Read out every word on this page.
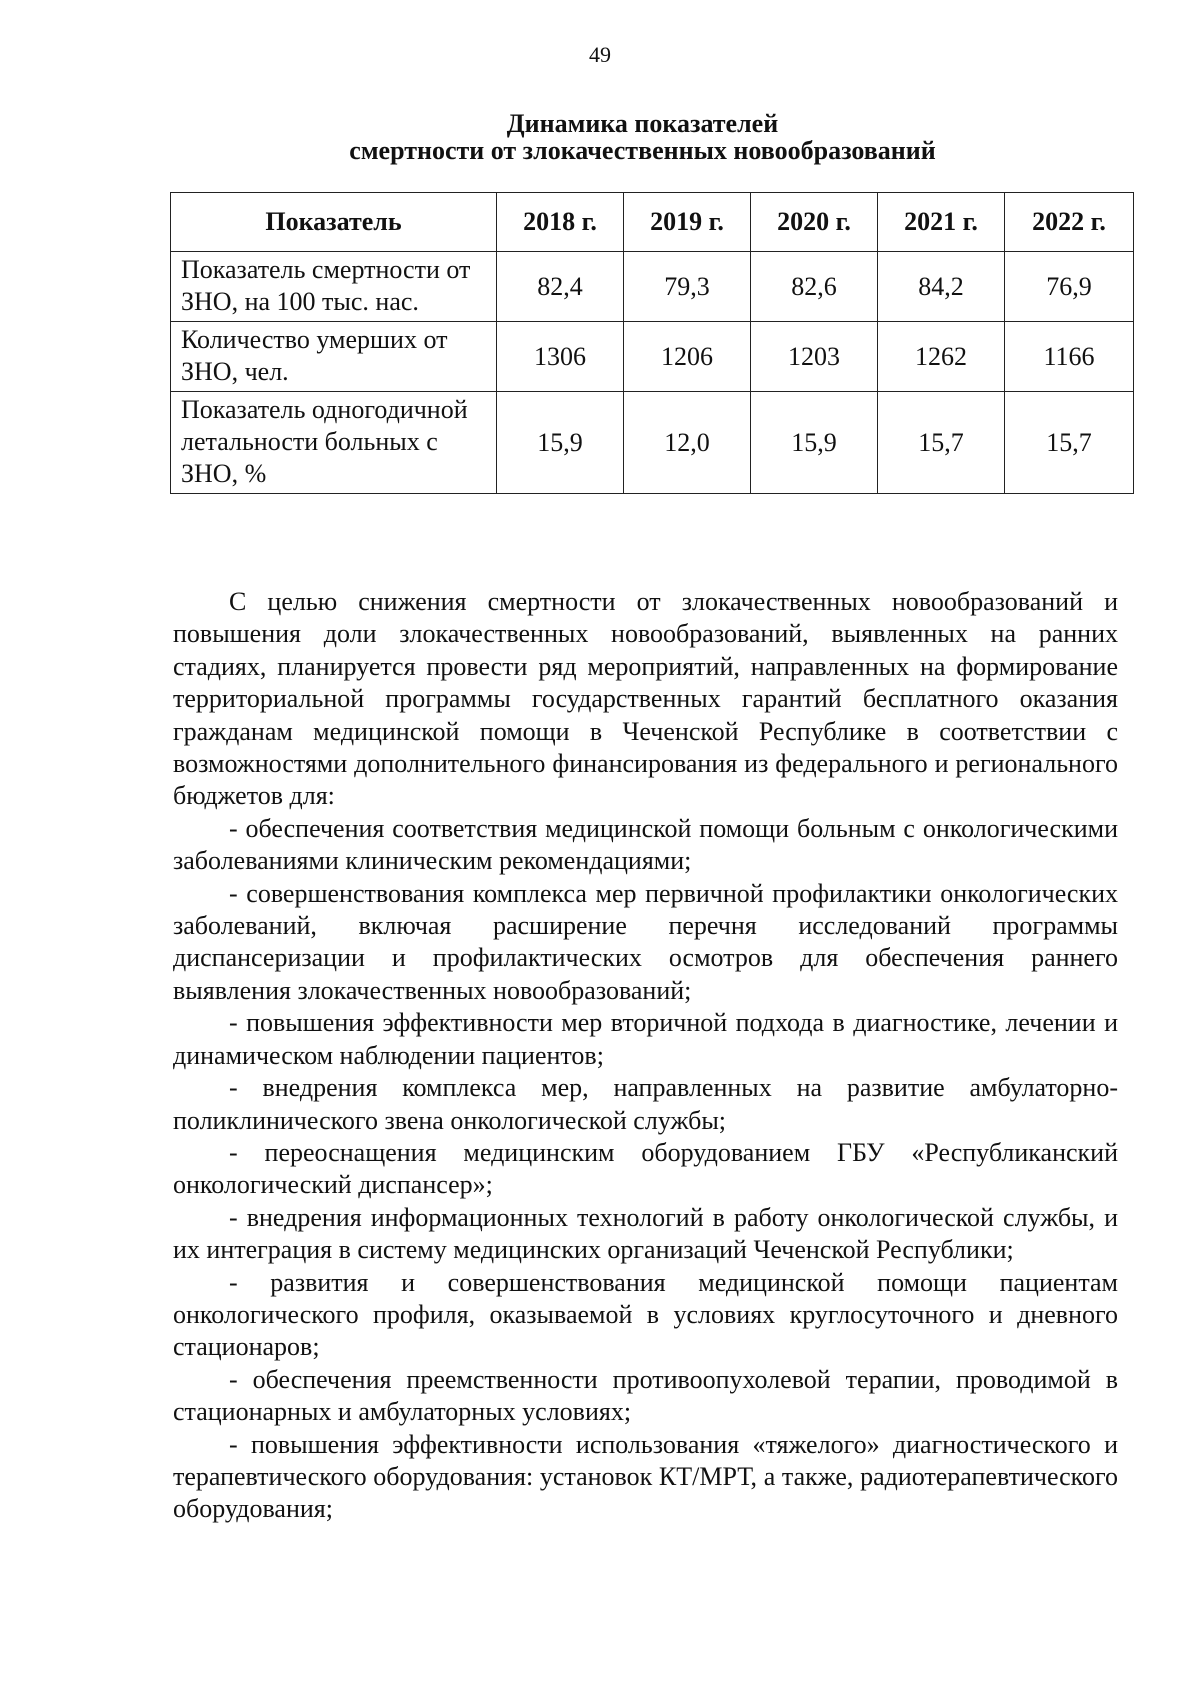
49
Динамика показателей
смертности от злокачественных новообразований
Показатель	2018 г.	2019 г.	2020 г.	2021 г.	2022 г.
Показатель смертности от ЗНО, на 100 тыс. нас.	82,4	79,3	82,6	84,2	76,9
Количество умерших от ЗНО, чел.	1306	1206	1203	1262	1166
Показатель одногодичной летальности больных с ЗНО, %	15,9	12,0	15,9	15,7	15,7

С целью снижения смертности от злокачественных новообразований и повышения доли злокачественных новообразований, выявленных на ранних стадиях, планируется провести ряд мероприятий, направленных на формирование территориальной программы государственных гарантий бесплатного оказания гражданам медицинской помощи в Чеченской Республике в соответствии с возможностями дополнительного финансирования из федерального и регионального бюджетов для:

- обеспечения соответствия медицинской помощи больным с онкологическими заболеваниями клиническим рекомендациями;

- совершенствования комплекса мер первичной профилактики онкологических заболеваний, включая расширение перечня исследований программы диспансеризации и профилактических осмотров для обеспечения раннего выявления злокачественных новообразований;

- повышения эффективности мер вторичной подхода в диагностике, лечении и динамическом наблюдении пациентов;

- внедрения комплекса мер, направленных на развитие амбулаторно-поликлинического звена онкологической службы;

- переоснащения медицинским оборудованием ГБУ «Республиканский онкологический диспансер»;

- внедрения информационных технологий в работу онкологической службы, и их интеграция в систему медицинских организаций Чеченской Республики;

- развития и совершенствования медицинской помощи пациентам онкологического профиля, оказываемой в условиях круглосуточного и дневного стационаров;

- обеспечения преемственности противоопухолевой терапии, проводимой в стационарных и амбулаторных условиях;

- повышения эффективности использования «тяжелого» диагностического и терапевтического оборудования: установок КТ/МРТ, а также, радиотерапевтического оборудования;
